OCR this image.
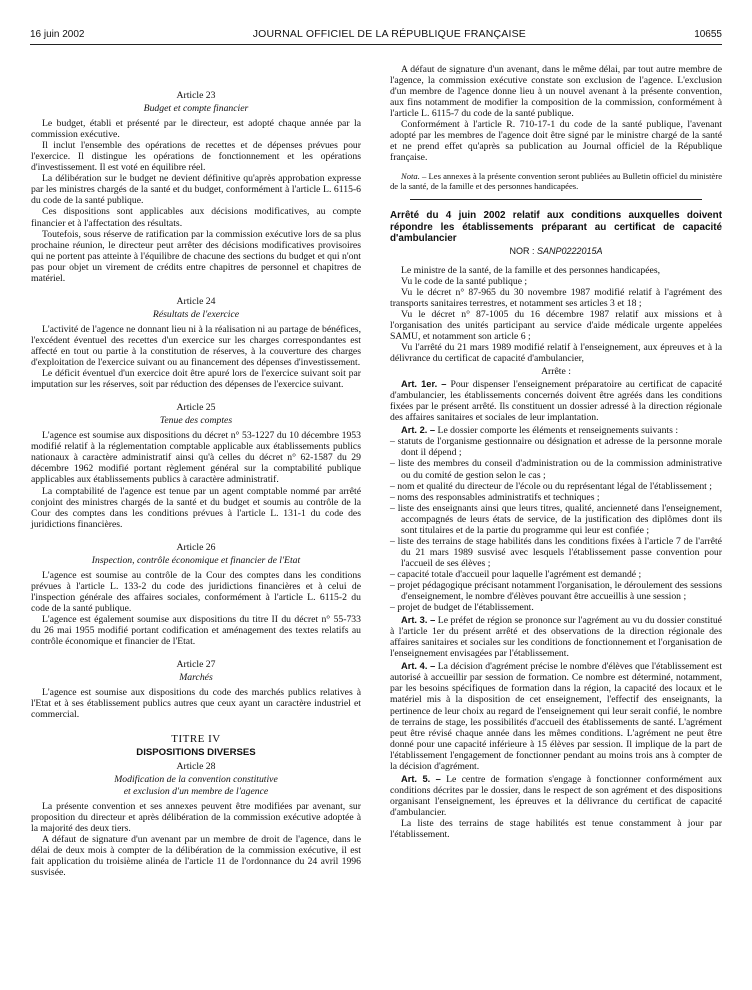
16 juin 2002	JOURNAL OFFICIEL DE LA RÉPUBLIQUE FRANÇAISE	10655

Article 23

Budget et compte financier

Le budget, établi et présenté par le directeur, est adopté chaque année par la commission exécutive.

Il inclut l'ensemble des opérations de recettes et de dépenses prévues pour l'exercice. Il distingue les opérations de fonctionnement et les opérations d'investissement. Il est voté en équilibre réel.

La délibération sur le budget ne devient définitive qu'après approbation expresse par les ministres chargés de la santé et du budget, conformément à l'article L. 6115-6 du code de la santé publique.

Ces dispositions sont applicables aux décisions modificatives, au compte financier et à l'affectation des résultats.

Toutefois, sous réserve de ratification par la commission exécutive lors de sa plus prochaine réunion, le directeur peut arrêter des décisions modificatives provisoires qui ne portent pas atteinte à l'équilibre de chacune des sections du budget et qui n'ont pas pour objet un virement de crédits entre chapitres de personnel et chapitres de matériel.

Article 24

Résultats de l'exercice

L'activité de l'agence ne donnant lieu ni à la réalisation ni au partage de bénéfices, l'excédent éventuel des recettes d'un exercice sur les charges correspondantes est affecté en tout ou partie à la constitution de réserves, à la couverture des charges d'exploitation de l'exercice suivant ou au financement des dépenses d'investissement.

Le déficit éventuel d'un exercice doit être apuré lors de l'exercice suivant soit par imputation sur les réserves, soit par réduction des dépenses de l'exercice suivant.

Article 25

Tenue des comptes

L'agence est soumise aux dispositions du décret n° 53-1227 du 10 décembre 1953 modifié relatif à la réglementation comptable applicable aux établissements publics nationaux à caractère administratif ainsi qu'à celles du décret n° 62-1587 du 29 décembre 1962 modifié portant règlement général sur la comptabilité publique applicables aux établissements publics à caractère administratif.

La comptabilité de l'agence est tenue par un agent comptable nommé par arrêté conjoint des ministres chargés de la santé et du budget et soumis au contrôle de la Cour des comptes dans les conditions prévues à l'article L. 131-1 du code des juridictions financières.

Article 26

Inspection, contrôle économique et financier de l'Etat

L'agence est soumise au contrôle de la Cour des comptes dans les conditions prévues à l'article L. 133-2 du code des juridictions financières et à celui de l'inspection générale des affaires sociales, conformément à l'article L. 6115-2 du code de la santé publique.

L'agence est également soumise aux dispositions du titre II du décret n° 55-733 du 26 mai 1955 modifié portant codification et aménagement des textes relatifs au contrôle économique et financier de l'Etat.

Article 27

Marchés

L'agence est soumise aux dispositions du code des marchés publics relatives à l'Etat et à ses établissement publics autres que ceux ayant un caractère industriel et commercial.

TITRE IV

DISPOSITIONS DIVERSES

Article 28

Modification de la convention constitutive

et exclusion d'un membre de l'agence

La présente convention et ses annexes peuvent être modifiées par avenant, sur proposition du directeur et après délibération de la commission exécutive adoptée à la majorité des deux tiers.

A défaut de signature d'un avenant par un membre de droit de l'agence, dans le délai de deux mois à compter de la délibération de la commission exécutive, il est fait application du troisième alinéa de l'article 11 de l'ordonnance du 24 avril 1996 susvisée.

A défaut de signature d'un avenant, dans le même délai, par tout autre membre de l'agence, la commission exécutive constate son exclusion de l'agence. L'exclusion d'un membre de l'agence donne lieu à un nouvel avenant à la présente convention, aux fins notamment de modifier la composition de la commission, conformément à l'article L. 6115-7 du code de la santé publique.

Conformément à l'article R. 710-17-1 du code de la santé publique, l'avenant adopté par les membres de l'agence doit être signé par le ministre chargé de la santé et ne prend effet qu'après sa publication au Journal officiel de la République française.

Nota. – Les annexes à la présente convention seront publiées au Bulletin officiel du ministère de la santé, de la famille et des personnes handicapées.

Arrêté du 4 juin 2002 relatif aux conditions auxquelles doivent répondre les établissements préparant au certificat de capacité d'ambulancier

NOR : SANP0222015A

Le ministre de la santé, de la famille et des personnes handicapées,

Vu le code de la santé publique ;

Vu le décret n° 87-965 du 30 novembre 1987 modifié relatif à l'agrément des transports sanitaires terrestres, et notamment ses articles 3 et 18 ;

Vu le décret n° 87-1005 du 16 décembre 1987 relatif aux missions et à l'organisation des unités participant au service d'aide médicale urgente appelées SAMU, et notamment son article 6 ;

Vu l'arrêté du 21 mars 1989 modifié relatif à l'enseignement, aux épreuves et à la délivrance du certificat de capacité d'ambulancier,

Arrête :

Art. 1er. – Pour dispenser l'enseignement préparatoire au certificat de capacité d'ambulancier, les établissements concernés doivent être agréés dans les conditions fixées par le présent arrêté. Ils constituent un dossier adressé à la direction régionale des affaires sanitaires et sociales de leur implantation.

Art. 2. – Le dossier comporte les éléments et renseignements suivants :

– statuts de l'organisme gestionnaire ou désignation et adresse de la personne morale dont il dépend ;
– liste des membres du conseil d'administration ou de la commission administrative ou du comité de gestion selon le cas ;
– nom et qualité du directeur de l'école ou du représentant légal de l'établissement ;
– noms des responsables administratifs et techniques ;
– liste des enseignants ainsi que leurs titres, qualité, ancienneté dans l'enseignement, accompagnés de leurs états de service, de la justification des diplômes dont ils sont titulaires et de la partie du programme qui leur est confiée ;
– liste des terrains de stage habilités dans les conditions fixées à l'article 7 de l'arrêté du 21 mars 1989 susvisé avec lesquels l'établissement passe convention pour l'accueil de ses élèves ;
– capacité totale d'accueil pour laquelle l'agrément est demandé ;
– projet pédagogique précisant notamment l'organisation, le déroulement des sessions d'enseignement, le nombre d'élèves pouvant être accueillis à une session ;
– projet de budget de l'établissement.

Art. 3. – Le préfet de région se prononce sur l'agrément au vu du dossier constitué à l'article 1er du présent arrêté et des observations de la direction régionale des affaires sanitaires et sociales sur les conditions de fonctionnement et l'organisation de l'enseignement envisagées par l'établissement.

Art. 4. – La décision d'agrément précise le nombre d'élèves que l'établissement est autorisé à accueillir par session de formation. Ce nombre est déterminé, notamment, par les besoins spécifiques de formation dans la région, la capacité des locaux et le matériel mis à la disposition de cet enseignement, l'effectif des enseignants, la pertinence de leur choix au regard de l'enseignement qui leur serait confié, le nombre de terrains de stage, les possibilités d'accueil des établissements de santé. L'agrément peut être révisé chaque année dans les mêmes conditions. L'agrément ne peut être donné pour une capacité inférieure à 15 élèves par session. Il implique de la part de l'établissement l'engagement de fonctionner pendant au moins trois ans à compter de la décision d'agrément.

Art. 5. – Le centre de formation s'engage à fonctionner conformément aux conditions décrites par le dossier, dans le respect de son agrément et des dispositions organisant l'enseignement, les épreuves et la délivrance du certificat de capacité d'ambulancier.

La liste des terrains de stage habilités est tenue constamment à jour par l'établissement.
